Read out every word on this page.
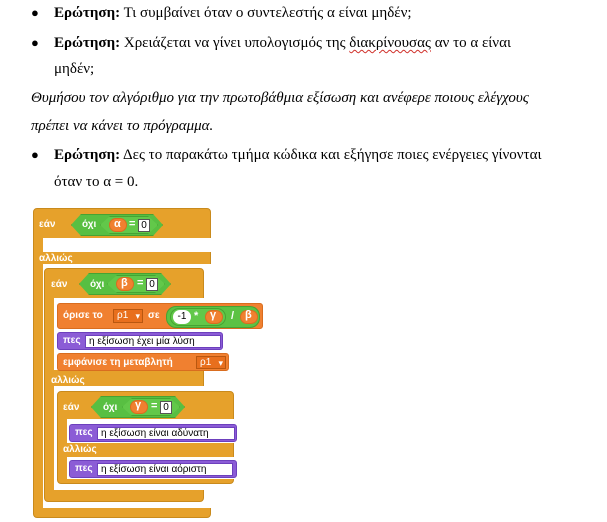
● Ερώτηση: Τι συμβαίνει όταν ο συντελεστής α είναι μηδέν;
● Ερώτηση: Χρειάζεται να γίνει υπολογισμός της διακρίνουσας αν το α είναι
μηδέν;
Θυμήσου τον αλγόριθμο για την πρωτοβάθμια εξίσωση και ανέφερε ποιους ελέγχους
πρέπει να κάνει το πρόγραμμα.
● Ερώτηση: Δες το παρακάτω τμήμα κώδικα και εξήγησε ποιες ενέργειες γίνονται
όταν το α = 0.
εάν	όχι α = 0
αλλιώς
εάν όχι β = 0
όρισε το	ρ1 ▾	σε	-1 * γ / β
πες η εξίσωση έχει μία λύση
εμφάνισε τη μεταβλητή	ρ1 ▾
αλλιώς
εάν όχι γ = 0
πες η εξίσωση είναι αδύνατη
αλλιώς
πες η εξίσωση είναι αόριστη
